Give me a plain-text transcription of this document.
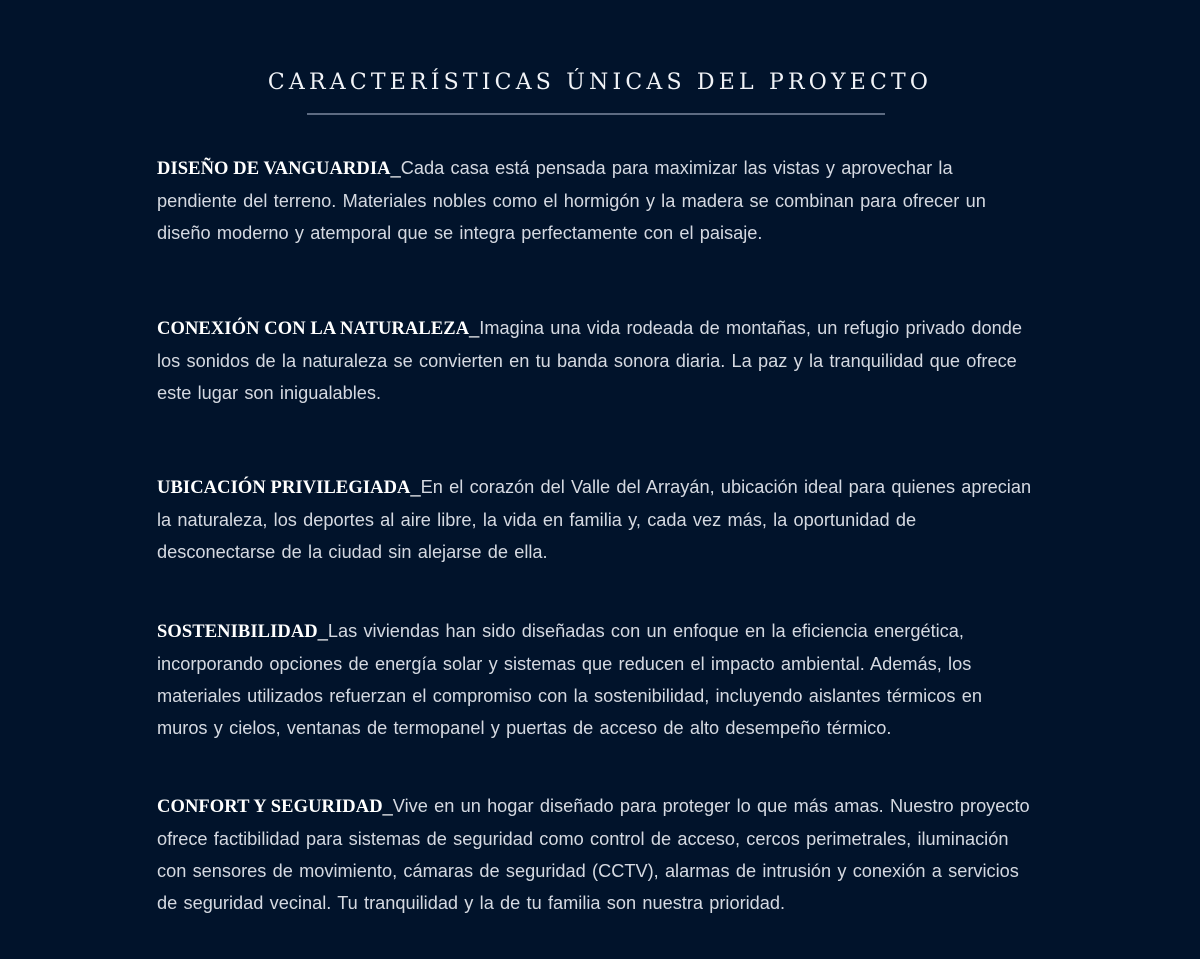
CARACTERÍSTICAS ÚNICAS DEL PROYECTO

DISEÑO DE VANGUARDIA_Cada casa está pensada para maximizar las vistas y aprovechar la pendiente del terreno. Materiales nobles como el hormigón y la madera se combinan para ofrecer un diseño moderno y atemporal que se integra perfectamente con el paisaje.

CONEXIÓN CON LA NATURALEZA_Imagina una vida rodeada de montañas, un refugio privado donde los sonidos de la naturaleza se convierten en tu banda sonora diaria. La paz y la tranquilidad que ofrece este lugar son inigualables.

UBICACIÓN PRIVILEGIADA_En el corazón del Valle del Arrayán, ubicación ideal para quienes aprecian la naturaleza, los deportes al aire libre, la vida en familia y, cada vez más, la oportunidad de desconectarse de la ciudad sin alejarse de ella.

SOSTENIBILIDAD_Las viviendas han sido diseñadas con un enfoque en la eficiencia energética, incorporando opciones de energía solar y sistemas que reducen el impacto ambiental. Además, los materiales utilizados refuerzan el compromiso con la sostenibilidad, incluyendo aislantes térmicos en muros y cielos, ventanas de termopanel y puertas de acceso de alto desempeño térmico.

CONFORT Y SEGURIDAD_Vive en un hogar diseñado para proteger lo que más amas. Nuestro proyecto ofrece factibilidad para sistemas de seguridad como control de acceso, cercos perimetrales, iluminación con sensores de movimiento, cámaras de seguridad (CCTV), alarmas de intrusión y conexión a servicios de seguridad vecinal. Tu tranquilidad y la de tu familia son nuestra prioridad.
